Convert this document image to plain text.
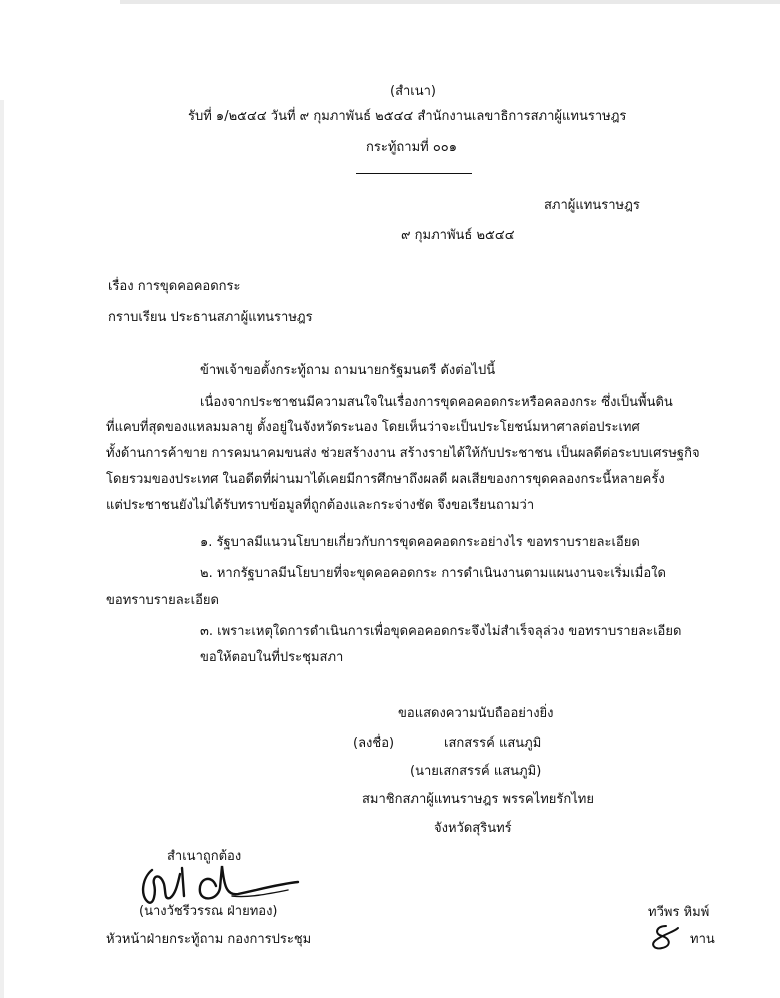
(สำเนา)
รับที่ ๑/๒๕๔๔ วันที่ ๙ กุมภาพันธ์ ๒๕๔๔ สำนักงานเลขาธิการสภาผู้แทนราษฎร
กระทู้ถามที่ ๐๐๑
สภาผู้แทนราษฎร
๙ กุมภาพันธ์ ๒๕๔๔
เรื่อง การขุดคอคอดกระ
กราบเรียน ประธานสภาผู้แทนราษฎร
ข้าพเจ้าขอตั้งกระทู้ถาม ถามนายกรัฐมนตรี ดังต่อไปนี้
เนื่องจากประชาชนมีความสนใจในเรื่องการขุดคอคอดกระหรือคลองกระ ซึ่งเป็นพื้นดิน
ที่แคบที่สุดของแหลมมลายู ตั้งอยู่ในจังหวัดระนอง โดยเห็นว่าจะเป็นประโยชน์มหาศาลต่อประเทศ
ทั้งด้านการค้าขาย การคมนาคมขนส่ง ช่วยสร้างงาน สร้างรายได้ให้กับประชาชน เป็นผลดีต่อระบบเศรษฐกิจ
โดยรวมของประเทศ ในอดีตที่ผ่านมาได้เคยมีการศึกษาถึงผลดี ผลเสียของการขุดคลองกระนี้หลายครั้ง
แต่ประชาชนยังไม่ได้รับทราบข้อมูลที่ถูกต้องและกระจ่างชัด จึงขอเรียนถามว่า
๑. รัฐบาลมีแนวนโยบายเกี่ยวกับการขุดคอคอดกระอย่างไร ขอทราบรายละเอียด
๒. หากรัฐบาลมีนโยบายที่จะขุดคอคอดกระ การดำเนินงานตามแผนงานจะเริ่มเมื่อใด
ขอทราบรายละเอียด
๓. เพราะเหตุใดการดำเนินการเพื่อขุดคอคอดกระจึงไม่สำเร็จลุล่วง ขอทราบรายละเอียด
ขอให้ตอบในที่ประชุมสภา
ขอแสดงความนับถืออย่างยิ่ง
(ลงชื่อ)	เสกสรรค์ แสนภูมิ
(นายเสกสรรค์ แสนภูมิ)
สมาชิกสภาผู้แทนราษฎร พรรคไทยรักไทย
จังหวัดสุรินทร์
สำเนาถูกต้อง
(นางวัชรีวรรณ ฝ่ายทอง)
หัวหน้าฝ่ายกระทู้ถาม กองการประชุม
ทวีพร หิมพ์
ทาน
